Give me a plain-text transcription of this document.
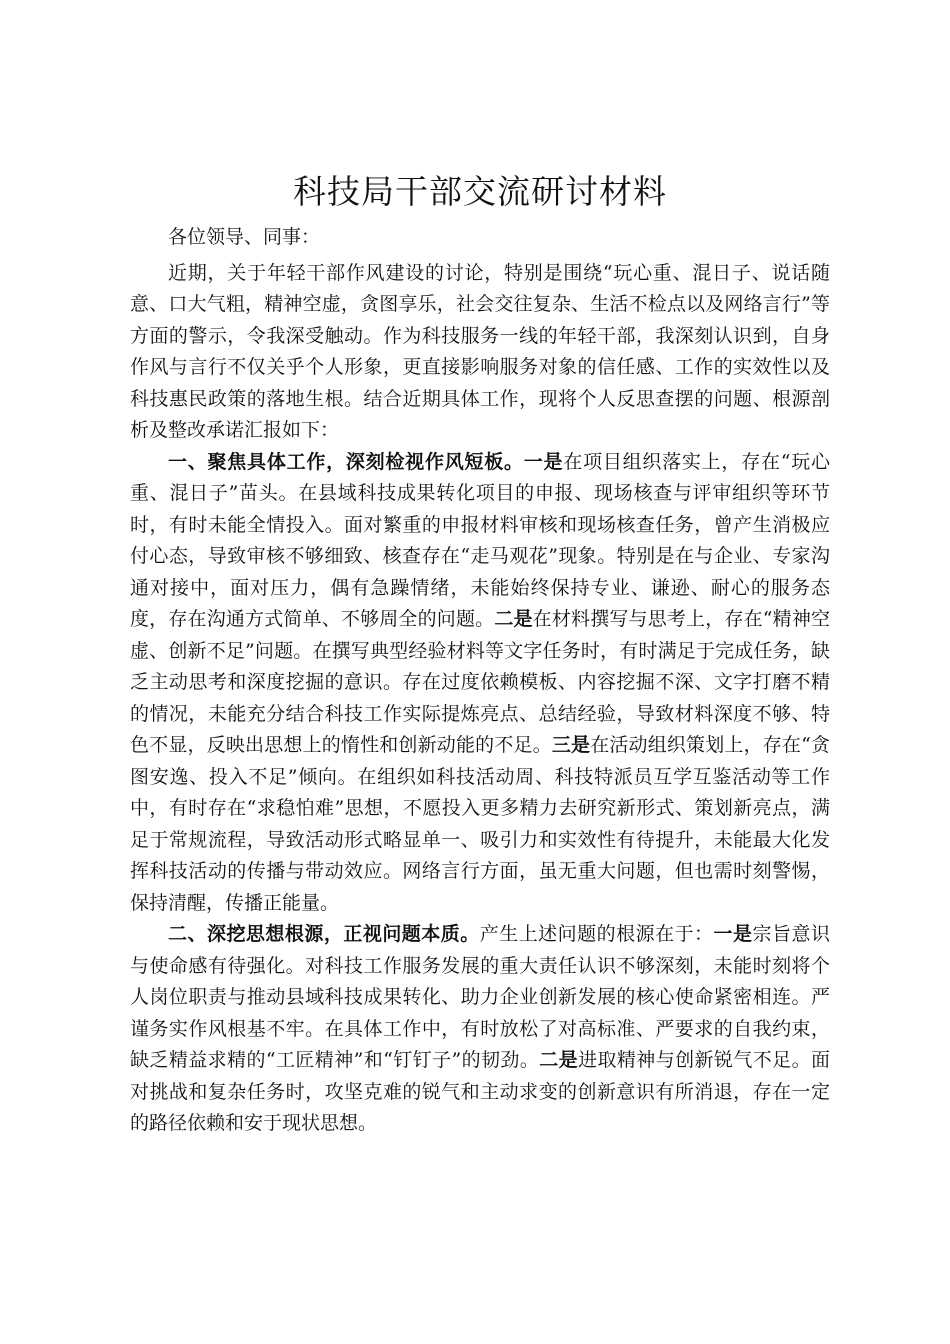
科技局干部交流研讨材料

各位领导、同事：

近期，关于年轻干部作风建设的讨论，特别是围绕“玩心重、混日子、说话随意、口大气粗，精神空虚，贪图享乐，社会交往复杂、生活不检点以及网络言行”等方面的警示，令我深受触动。作为科技服务一线的年轻干部，我深刻认识到，自身作风与言行不仅关乎个人形象，更直接影响服务对象的信任感、工作的实效性以及科技惠民政策的落地生根。结合近期具体工作，现将个人反思查摆的问题、根源剖析及整改承诺汇报如下：

一、聚焦具体工作，深刻检视作风短板。一是在项目组织落实上，存在“玩心重、混日子”苗头。在县域科技成果转化项目的申报、现场核查与评审组织等环节时，有时未能全情投入。面对繁重的申报材料审核和现场核查任务，曾产生消极应付心态，导致审核不够细致、核查存在“走马观花”现象。特别是在与企业、专家沟通对接中，面对压力，偶有急躁情绪，未能始终保持专业、谦逊、耐心的服务态度，存在沟通方式简单、不够周全的问题。二是在材料撰写与思考上，存在“精神空虚、创新不足”问题。在撰写典型经验材料等文字任务时，有时满足于完成任务，缺乏主动思考和深度挖掘的意识。存在过度依赖模板、内容挖掘不深、文字打磨不精的情况，未能充分结合科技工作实际提炼亮点、总结经验，导致材料深度不够、特色不显，反映出思想上的惰性和创新动能的不足。三是在活动组织策划上，存在“贪图安逸、投入不足”倾向。在组织如科技活动周、科技特派员互学互鉴活动等工作中，有时存在“求稳怕难”思想，不愿投入更多精力去研究新形式、策划新亮点，满足于常规流程，导致活动形式略显单一、吸引力和实效性有待提升，未能最大化发挥科技活动的传播与带动效应。网络言行方面，虽无重大问题，但也需时刻警惕，保持清醒，传播正能量。

二、深挖思想根源，正视问题本质。产生上述问题的根源在于：一是宗旨意识与使命感有待强化。对科技工作服务发展的重大责任认识不够深刻，未能时刻将个人岗位职责与推动县域科技成果转化、助力企业创新发展的核心使命紧密相连。严谨务实作风根基不牢。在具体工作中，有时放松了对高标准、严要求的自我约束，缺乏精益求精的“工匠精神”和“钉钉子”的韧劲。二是进取精神与创新锐气不足。面对挑战和复杂任务时，攻坚克难的锐气和主动求变的创新意识有所消退，存在一定的路径依赖和安于现状思想。
